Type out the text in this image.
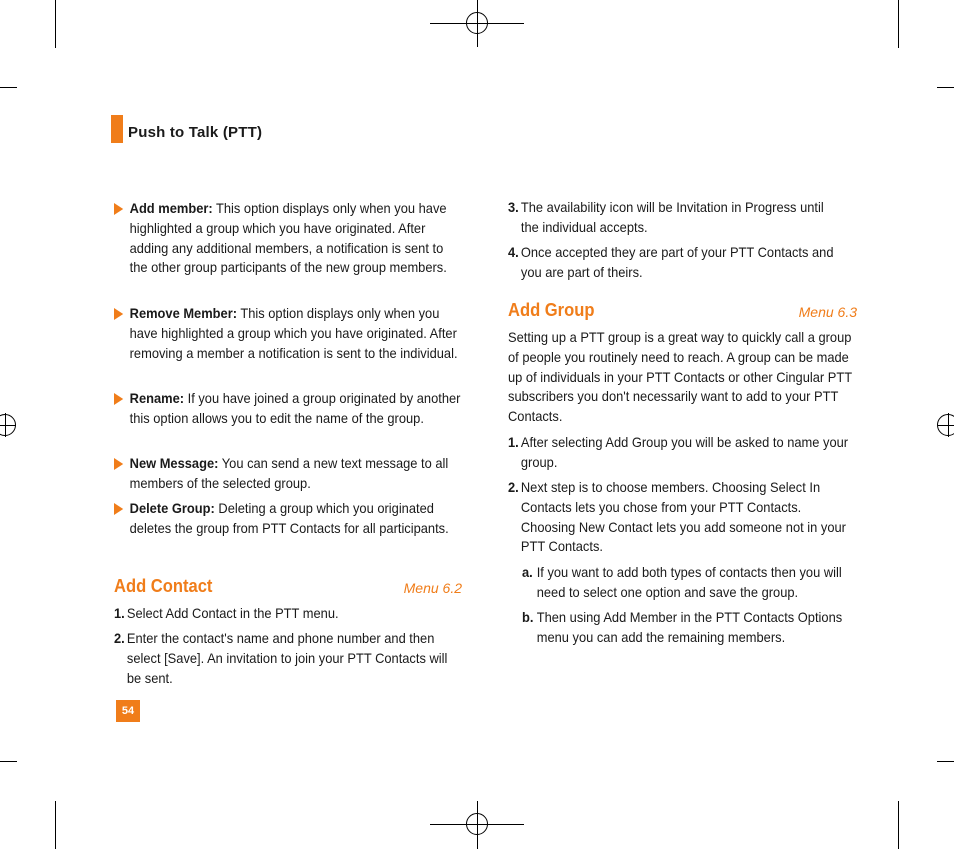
Push to Talk (PTT)
Add member: This option displays only when you have highlighted a group which you have originated. After adding any additional members, a notification is sent to the other group participants of the new group members.
Remove Member: This option displays only when you have highlighted a group which you have originated. After removing a member a notification is sent to the individual.
Rename: If you have joined a group originated by another this option allows you to edit the name of the group.
New Message: You can send a new text message to all members of the selected group.
Delete Group: Deleting a group which you originated deletes the group from PTT Contacts for all participants.
Add Contact	Menu 6.2
1. Select Add Contact in the PTT menu.
2. Enter the contact's name and phone number and then select [Save]. An invitation to join your PTT Contacts will be sent.
3. The availability icon will be Invitation in Progress until the individual accepts.
4. Once accepted they are part of your PTT Contacts and you are part of theirs.
Add Group	Menu 6.3
Setting up a PTT group is a great way to quickly call a group of people you routinely need to reach. A group can be made up of individuals in your PTT Contacts or other Cingular PTT subscribers you don't necessarily want to add to your PTT Contacts.
1. After selecting Add Group you will be asked to name your group.
2. Next step is to choose members. Choosing Select In Contacts lets you chose from your PTT Contacts. Choosing New Contact lets you add someone not in your PTT Contacts.
a. If you want to add both types of contacts then you will need to select one option and save the group.
b. Then using Add Member in the PTT Contacts Options menu you can add the remaining members.
54
